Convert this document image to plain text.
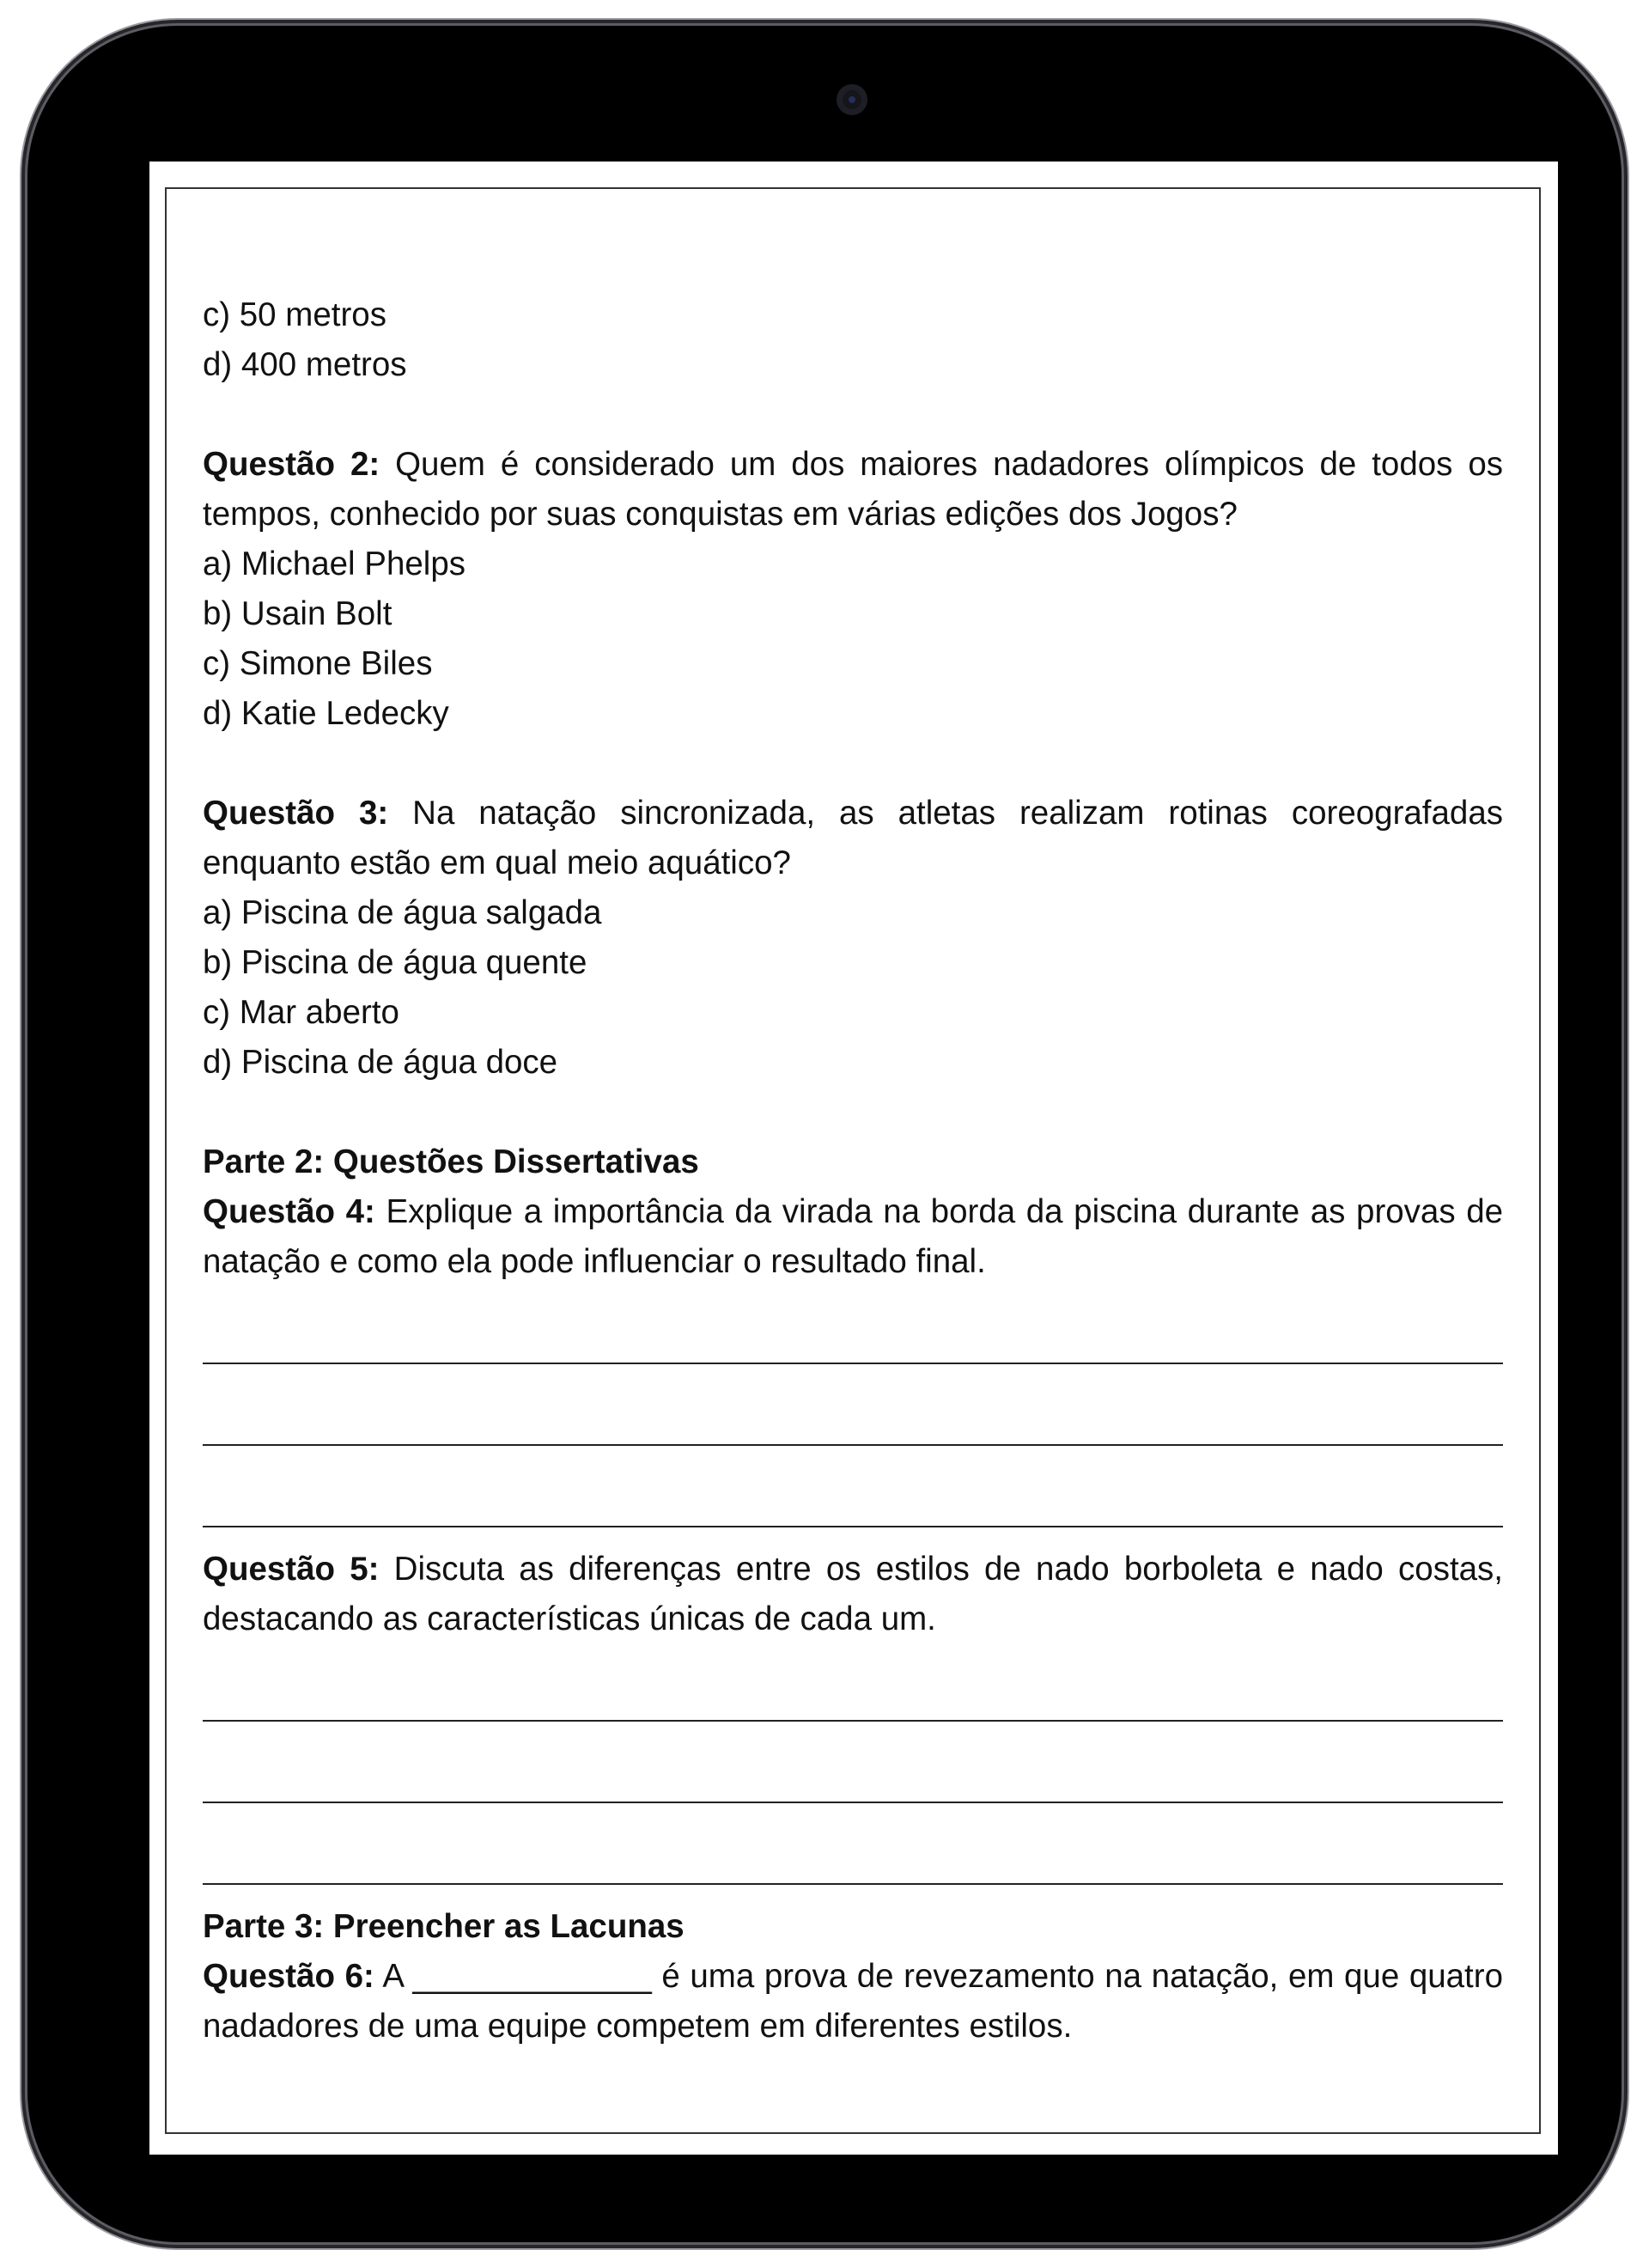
c) 50 metros

d) 400 metros

Questão 2: Quem é considerado um dos maiores nadadores olímpicos de todos os tempos, conhecido por suas conquistas em várias edições dos Jogos?

a) Michael Phelps

b) Usain Bolt

c) Simone Biles

d) Katie Ledecky

Questão 3: Na natação sincronizada, as atletas realizam rotinas coreografadas enquanto estão em qual meio aquático?

a) Piscina de água salgada

b) Piscina de água quente

c) Mar aberto

d) Piscina de água doce

Parte 2: Questões Dissertativas

Questão 4: Explique a importância da virada na borda da piscina durante as provas de natação e como ela pode influenciar o resultado final.

Questão 5: Discuta as diferenças entre os estilos de nado borboleta e nado costas, destacando as características únicas de cada um.

Parte 3: Preencher as Lacunas

Questão 6: A _____________ é uma prova de revezamento na natação, em que quatro nadadores de uma equipe competem em diferentes estilos.
